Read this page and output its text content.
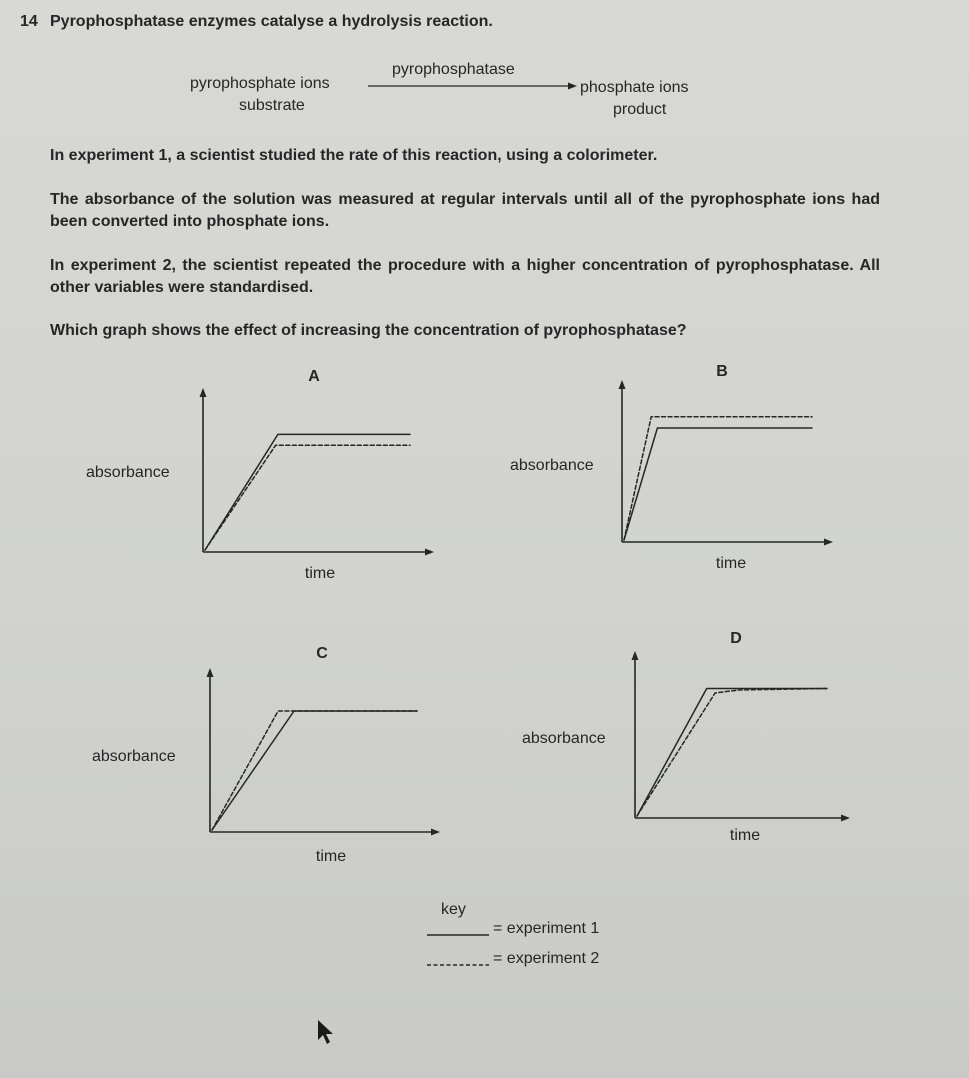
14 Pyrophosphatase enzymes catalyse a hydrolysis reaction.
pyrophosphate ions
substrate
pyrophosphatase
phosphate ions
product
In experiment 1, a scientist studied the rate of this reaction, using a colorimeter.
The absorbance of the solution was measured at regular intervals until all of the pyrophosphate ions had been converted into phosphate ions.
In experiment 2, the scientist repeated the procedure with a higher concentration of pyrophosphatase. All other variables were standardised.
Which graph shows the effect of increasing the concentration of pyrophosphatase?
A
absorbance
time
B
absorbance
time
C
absorbance
time
D
absorbance
time
key
= experiment 1
= experiment 2
